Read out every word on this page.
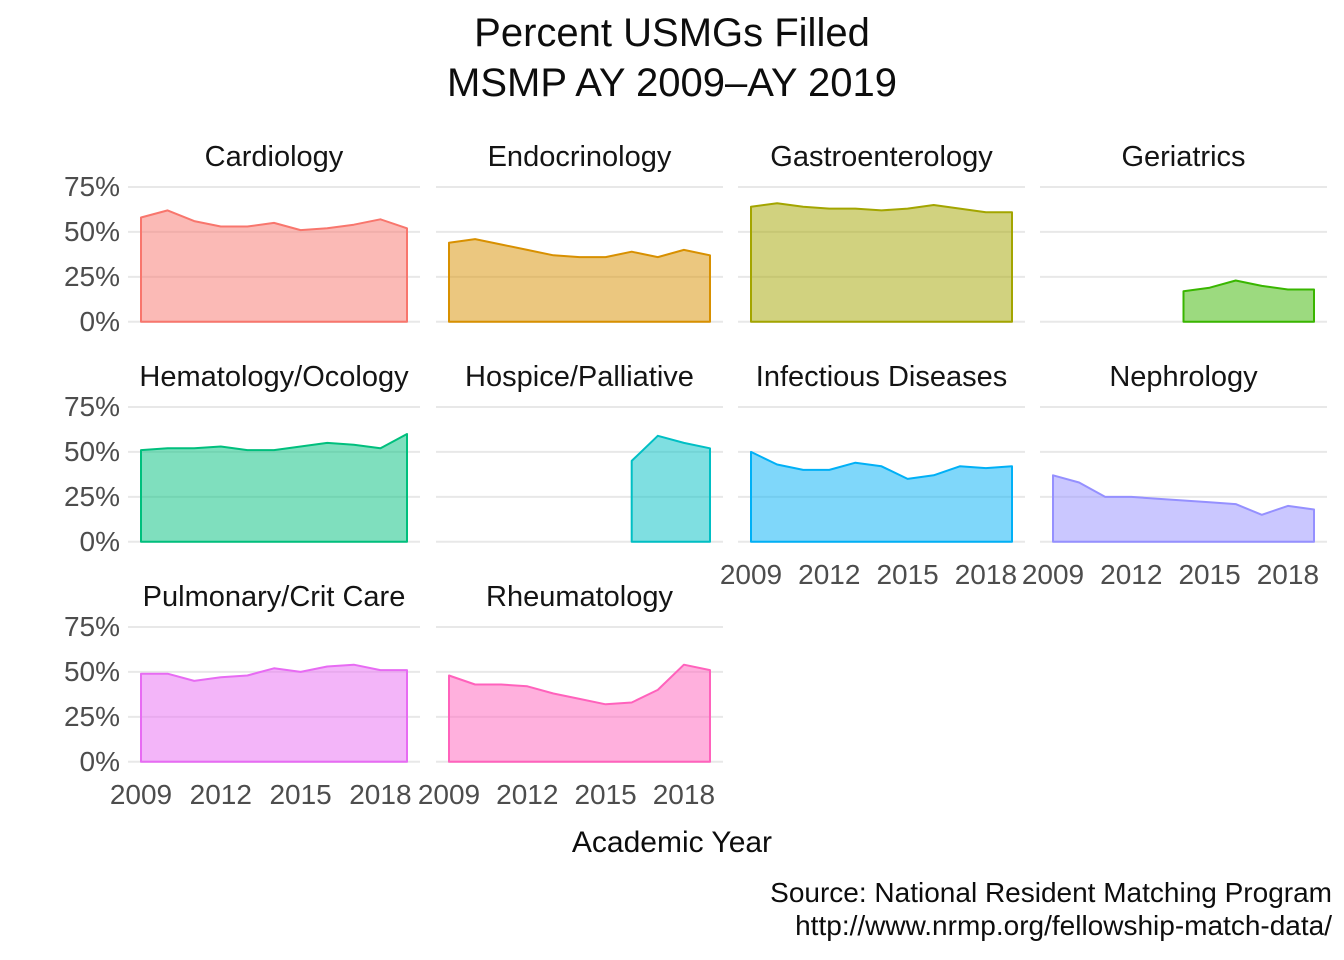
Percent USMGs Filled
MSMP AY 2009–AY 2019
Cardiology
75%
50%
25%
0%
Endocrinology	Gastroenterology	Geriatrics
Hematology/Ocology
75%
50%
25%
0%
Hospice/Palliative	Infectious Diseases
2009 2012 2015 2018
Nephrology
2009 2012 2015 2018
Pulmonary/Crit Care
2009 2012 2015 2018
75%
50%
25%
0%
Rheumatology
2009 2012 2015 2018
Academic Year
Source: National Resident Matching Program
http://www.nrmp.org/fellowship-match-data/
